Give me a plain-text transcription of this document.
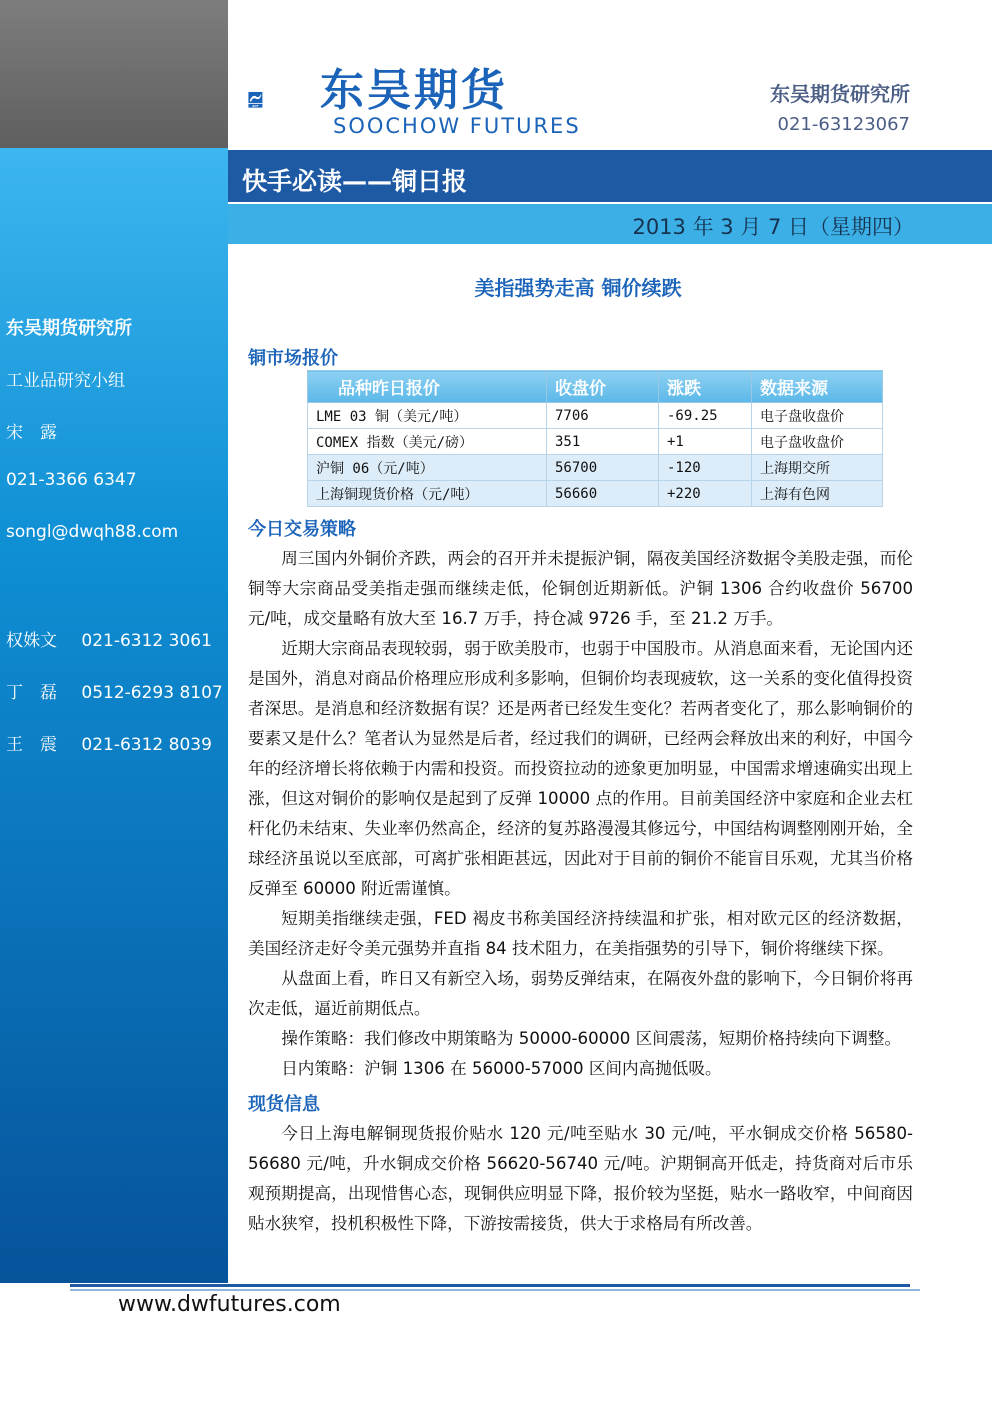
东吴期货研究所
工业品研究小组
宋　露
021-3366 6347
songl@dwqh88.com
权姝文 021-6312 3061
丁　磊 0512-6293 8107
王　震 021-6312 8039
SCF 东吴期货
SOOCHOW FUTURES
东吴期货研究所
021-63123067
快手必读——铜日报
2013 年 3 月 7 日（星期四）
美指强势走高 铜价续跌
铜市场报价
品种昨日报价	收盘价	涨跌	数据来源
LME 03 铜（美元/吨）	7706	-69.25	电子盘收盘价
COMEX 指数（美元/磅）	351	+1	电子盘收盘价
沪铜 06（元/吨）	56700	-120	上海期交所
上海铜现货价格（元/吨）	56660	+220	上海有色网
今日交易策略

周三国内外铜价齐跌，两会的召开并未提振沪铜，隔夜美国经济数据令美股走强，而伦铜等大宗商品受美指走强而继续走低，伦铜创近期新低。沪铜 1306 合约收盘价 56700 元/吨，成交量略有放大至 16.7 万手，持仓减 9726 手，至 21.2 万手。

近期大宗商品表现较弱，弱于欧美股市，也弱于中国股市。从消息面来看，无论国内还是国外，消息对商品价格理应形成利多影响，但铜价均表现疲软，这一关系的变化值得投资者深思。是消息和经济数据有误？还是两者已经发生变化？若两者变化了，那么影响铜价的要素又是什么？笔者认为显然是后者，经过我们的调研，已经两会释放出来的利好，中国今年的经济增长将依赖于内需和投资。而投资拉动的迹象更加明显，中国需求增速确实出现上涨，但这对铜价的影响仅是起到了反弹 10000 点的作用。目前美国经济中家庭和企业去杠杆化仍未结束、失业率仍然高企，经济的复苏路漫漫其修远兮，中国结构调整刚刚开始，全球经济虽说以至底部，可离扩张相距甚远，因此对于目前的铜价不能盲目乐观，尤其当价格反弹至 60000 附近需谨慎。

短期美指继续走强，FED 褐皮书称美国经济持续温和扩张，相对欧元区的经济数据，美国经济走好令美元强势并直指 84 技术阻力，在美指强势的引导下，铜价将继续下探。

从盘面上看，昨日又有新空入场，弱势反弹结束，在隔夜外盘的影响下，今日铜价将再次走低，逼近前期低点。

操作策略：我们修改中期策略为 50000-60000 区间震荡，短期价格持续向下调整。

日内策略：沪铜 1306 在 56000-57000 区间内高抛低吸。

现货信息

今日上海电解铜现货报价贴水 120 元/吨至贴水 30 元/吨，平水铜成交价格 56580-56680 元/吨，升水铜成交价格 56620-56740 元/吨。沪期铜高开低走，持货商对后市乐观预期提高，出现惜售心态，现铜供应明显下降，报价较为坚挺，贴水一路收窄，中间商因贴水狭窄，投机积极性下降，下游按需接货，供大于求格局有所改善。

www.dwfutures.com
